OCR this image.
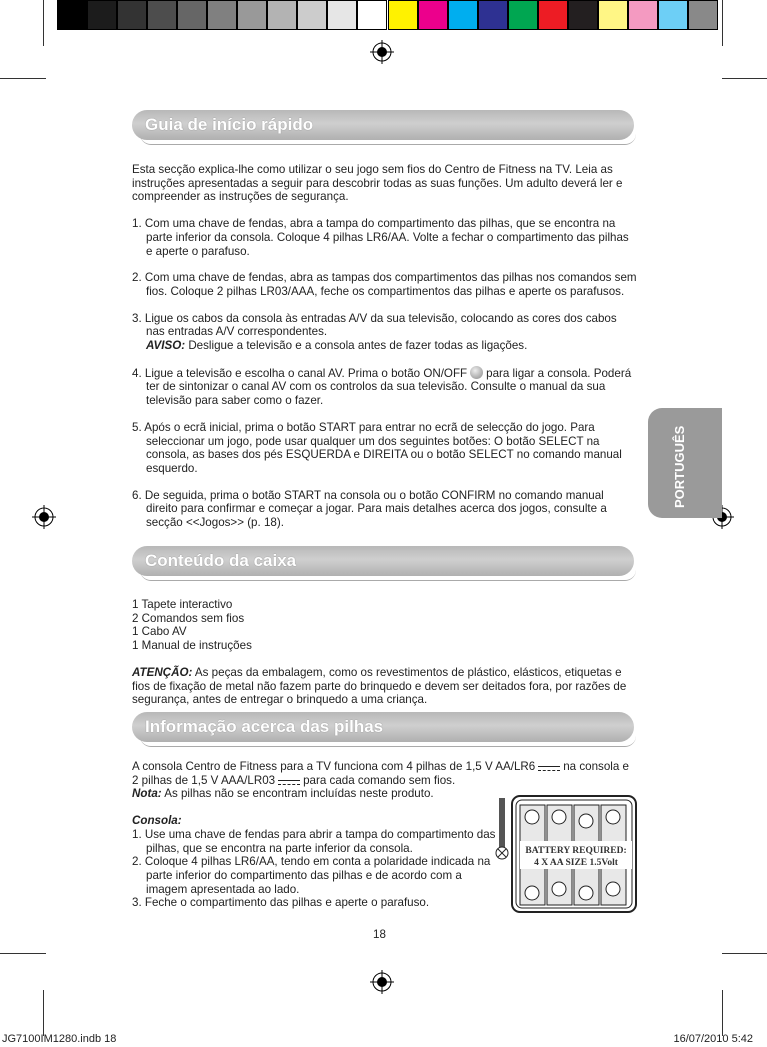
PORTUGUÊS
Guia de início rápido

Esta secção explica-lhe como utilizar o seu jogo sem fios do Centro de Fitness na TV. Leia as instruções apresentadas a seguir para descobrir todas as suas funções. Um adulto deverá ler e compreender as instruções de segurança.

1. Com uma chave de fendas, abra a tampa do compartimento das pilhas, que se encontra na parte inferior da consola. Coloque 4 pilhas LR6/AA. Volte a fechar o compartimento das pilhas e aperte o parafuso.

2. Com uma chave de fendas, abra as tampas dos compartimentos das pilhas nos comandos sem fios. Coloque 2 pilhas LR03/AAA, feche os compartimentos das pilhas e aperte os parafusos.

3. Ligue os cabos da consola às entradas A/V da sua televisão, colocando as cores dos cabos nas entradas A/V correspondentes.
AVISO: Desligue a televisão e a consola antes de fazer todas as ligações.

4. Ligue a televisão e escolha o canal AV. Prima o botão ON/OFF para ligar a consola. Poderá ter de sintonizar o canal AV com os controlos da sua televisão. Consulte o manual da sua televisão para saber como o fazer.

5. Após o ecrã inicial, prima o botão START para entrar no ecrã de selecção do jogo. Para seleccionar um jogo, pode usar qualquer um dos seguintes botões: O botão SELECT na consola, as bases dos pés ESQUERDA e DIREITA ou o botão SELECT no comando manual esquerdo.

6. De seguida, prima o botão START na consola ou o botão CONFIRM no comando manual direito para confirmar e começar a jogar. Para mais detalhes acerca dos jogos, consulte a secção <<Jogos>> (p. 18).

Conteúdo da caixa

1 Tapete interactivo

2 Comandos sem fios

1 Cabo AV

1 Manual de instruções

ATENÇÃO: As peças da embalagem, como os revestimentos de plástico, elásticos, etiquetas e fios de fixação de metal não fazem parte do brinquedo e devem ser deitados fora, por razões de segurança, antes de entregar o brinquedo a uma criança.

Informação acerca das pilhas

A consola Centro de Fitness para a TV funciona com 4 pilhas de 1,5 V AA/LR6 na consola e 2 pilhas de 1,5 V AAA/LR03 para cada comando sem fios.

Nota: As pilhas não se encontram incluídas neste produto.

Consola:

1. Use uma chave de fendas para abrir a tampa do compartimento das pilhas, que se encontra na parte inferior da consola.

2. Coloque 4 pilhas LR6/AA, tendo em conta a polaridade indicada na parte inferior do compartimento das pilhas e de acordo com a imagem apresentada ao lado.

3. Feche o compartimento das pilhas e aperte o parafuso.

BATTERY REQUIRED:
4 X AA SIZE 1.5Volt
18
JG7100IM1280.indb 18	16/07/2010 5:42
